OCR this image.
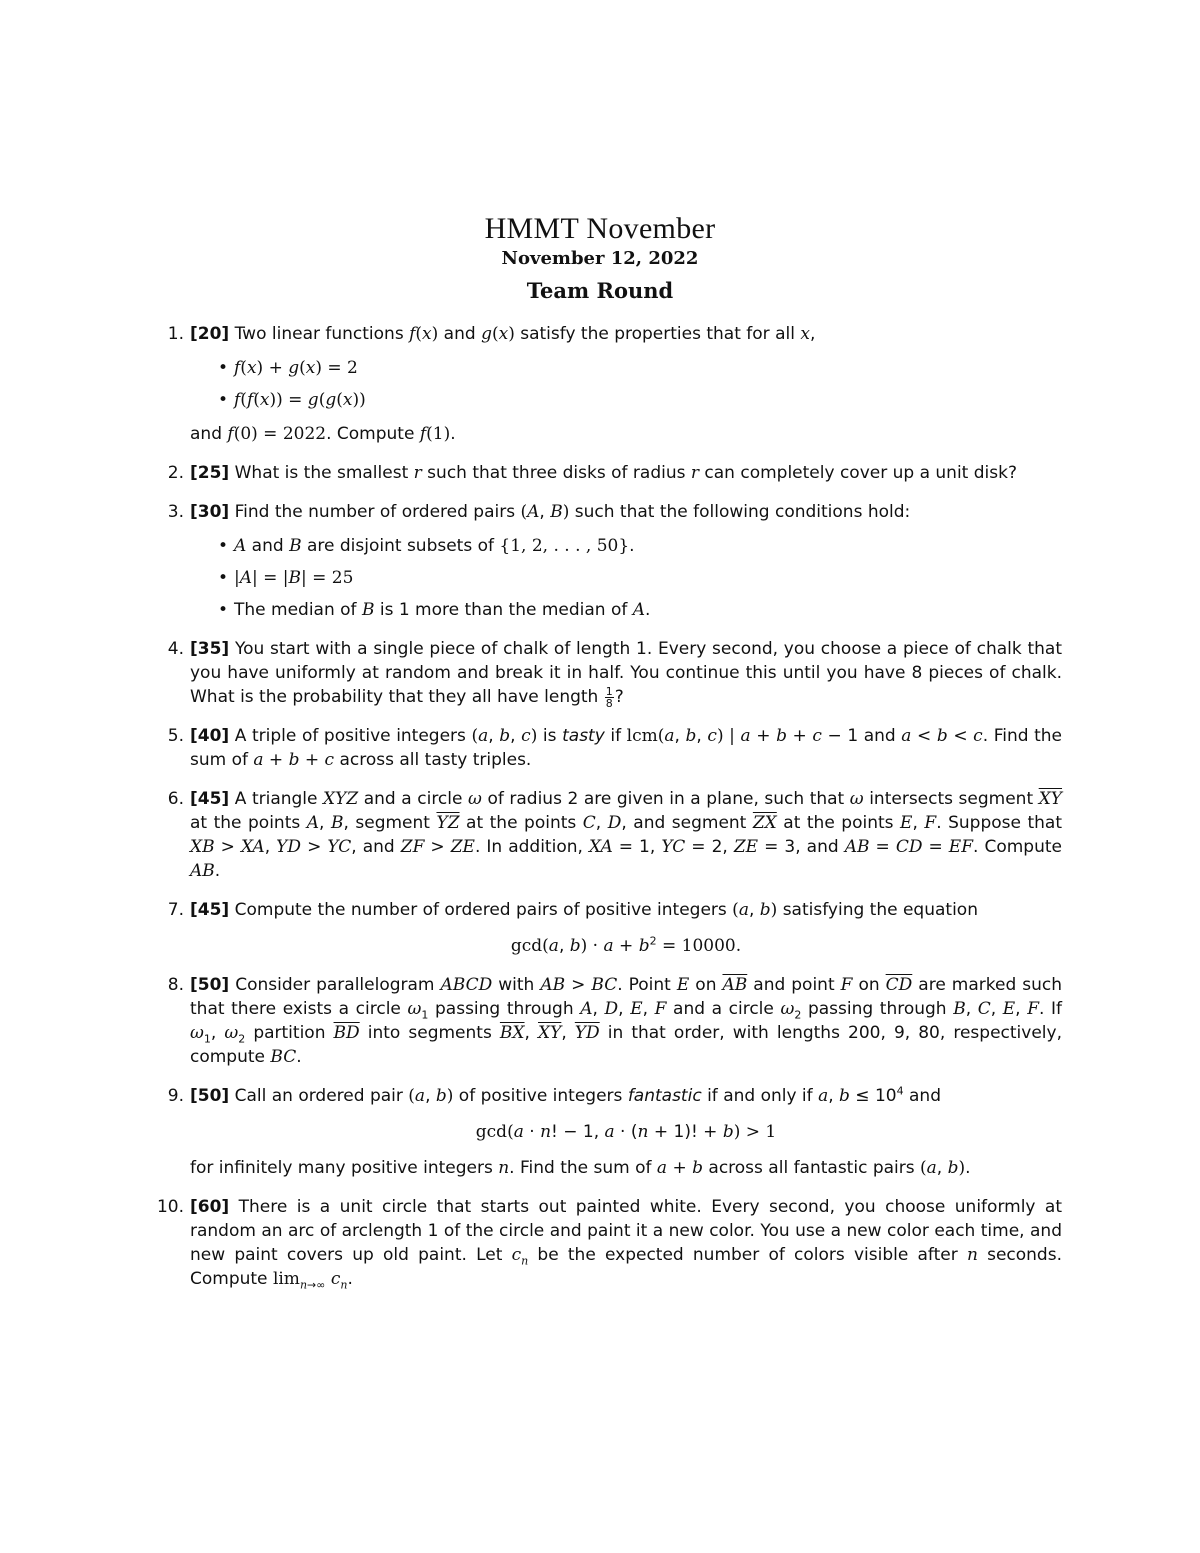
HMMT November
November 12, 2022
Team Round
1. [20] Two linear functions f(x) and g(x) satisfy the properties that for all x,
• f(x) + g(x) = 2
• f(f(x)) = g(g(x))
and f(0) = 2022. Compute f(1).
2. [25] What is the smallest r such that three disks of radius r can completely cover up a unit disk?
3. [30] Find the number of ordered pairs (A, B) such that the following conditions hold:
• A and B are disjoint subsets of {1, 2, . . . , 50}.
• |A| = |B| = 25
• The median of B is 1 more than the median of A.
4. [35] You start with a single piece of chalk of length 1. Every second, you choose a piece of chalk that you have uniformly at random and break it in half. You continue this until you have 8 pieces of chalk. What is the probability that they all have length $\frac{1}{8}$ ?
5. [40] A triple of positive integers (a, b, c) is tasty if lcm(a, b, c) | a + b + c − 1 and a < b < c. Find the sum of a + b + c across all tasty triples.
6. [45] A triangle XYZ and a circle ω of radius 2 are given in a plane, such that ω intersects segment $\overline{XY}$ at the points A, B, segment $\overline{YZ}$ at the points C, D, and segment $\overline{ZX}$ at the points E, F. Suppose that XB > XA, YD > YC, and ZF > ZE. In addition, XA = 1, YC = 2, ZE = 3, and AB = CD = EF. Compute AB.
7. [45] Compute the number of ordered pairs of positive integers (a, b) satisfying the equation
gcd(a, $b) \cdot a + b^2 = 10000$.
8. [50] Consider parallelogram ABCD with AB > BC. Point E on $\overline{AB}$ and point F on $\overline{CD}$ are marked such that there exists a circle $\omega_1$ passing through A, D, E, F and a circle $\omega_2$ passing through B, C, E, F. If $\omega_1$, $\omega_2$ partition $\overline{BD}$ into segments $\overline{BX}$, $\overline{XY}$, $\overline{YD}$ in that order, with lengths 200, 9, 80, respectively, compute BC.
9. [50] Call an ordered pair (a, b) of positive integers fantastic if and only if a, $b \le 10^4$ and
gcd(a · n! − 1, a · (n + 1)! + b) > 1
for infinitely many positive integers n. Find the sum of a + b across all fantastic pairs (a, b).
10. [60] There is a unit circle that starts out painted white. Every second, you choose uniformly at random an arc of arclength 1 of the circle and paint it a new color. You use a new color each time, and new paint covers up old paint. Let $c_n$ be the expected number of colors visible after n seconds. Compute $\lim_{n\to\infty} c_n$.
